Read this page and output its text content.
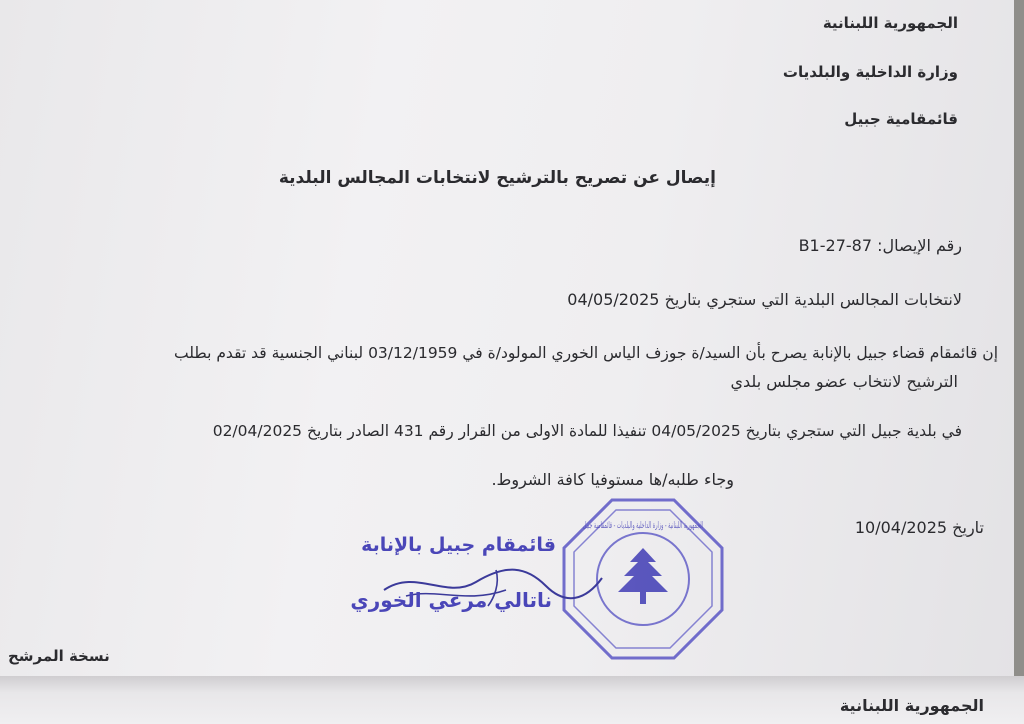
الجمهورية اللبنانية
وزارة الداخلية والبلديات
قائمقامية جبيل
إيصال عن تصريح بالترشيح لانتخابات المجالس البلدية
رقم الإيصال: B1-27-87
لانتخابات المجالس البلدية التي ستجري بتاريخ 04/05/2025
إن قائمقام قضاء جبيل بالإنابة يصرح بأن السيد/ة جوزف الياس الخوري المولود/ة في 03/12/1959 لبناني الجنسية قد تقدم بطلب
الترشيح لانتخاب عضو مجلس بلدي
في بلدية جبيل التي ستجري بتاريخ 04/05/2025 تنفيذا للمادة الاولى من القرار رقم 431 الصادر بتاريخ 02/04/2025
وجاء طلبه/ها مستوفيا كافة الشروط.
تاريخ 10/04/2025
الجمهورية اللبنانية - وزارة الداخلية والبلديات - قائمقامية جبيل
قائمقام جبيل بالإنابة
ناتالي مرعي الخوري
نسخة المرشح
الجمهورية اللبنانية
